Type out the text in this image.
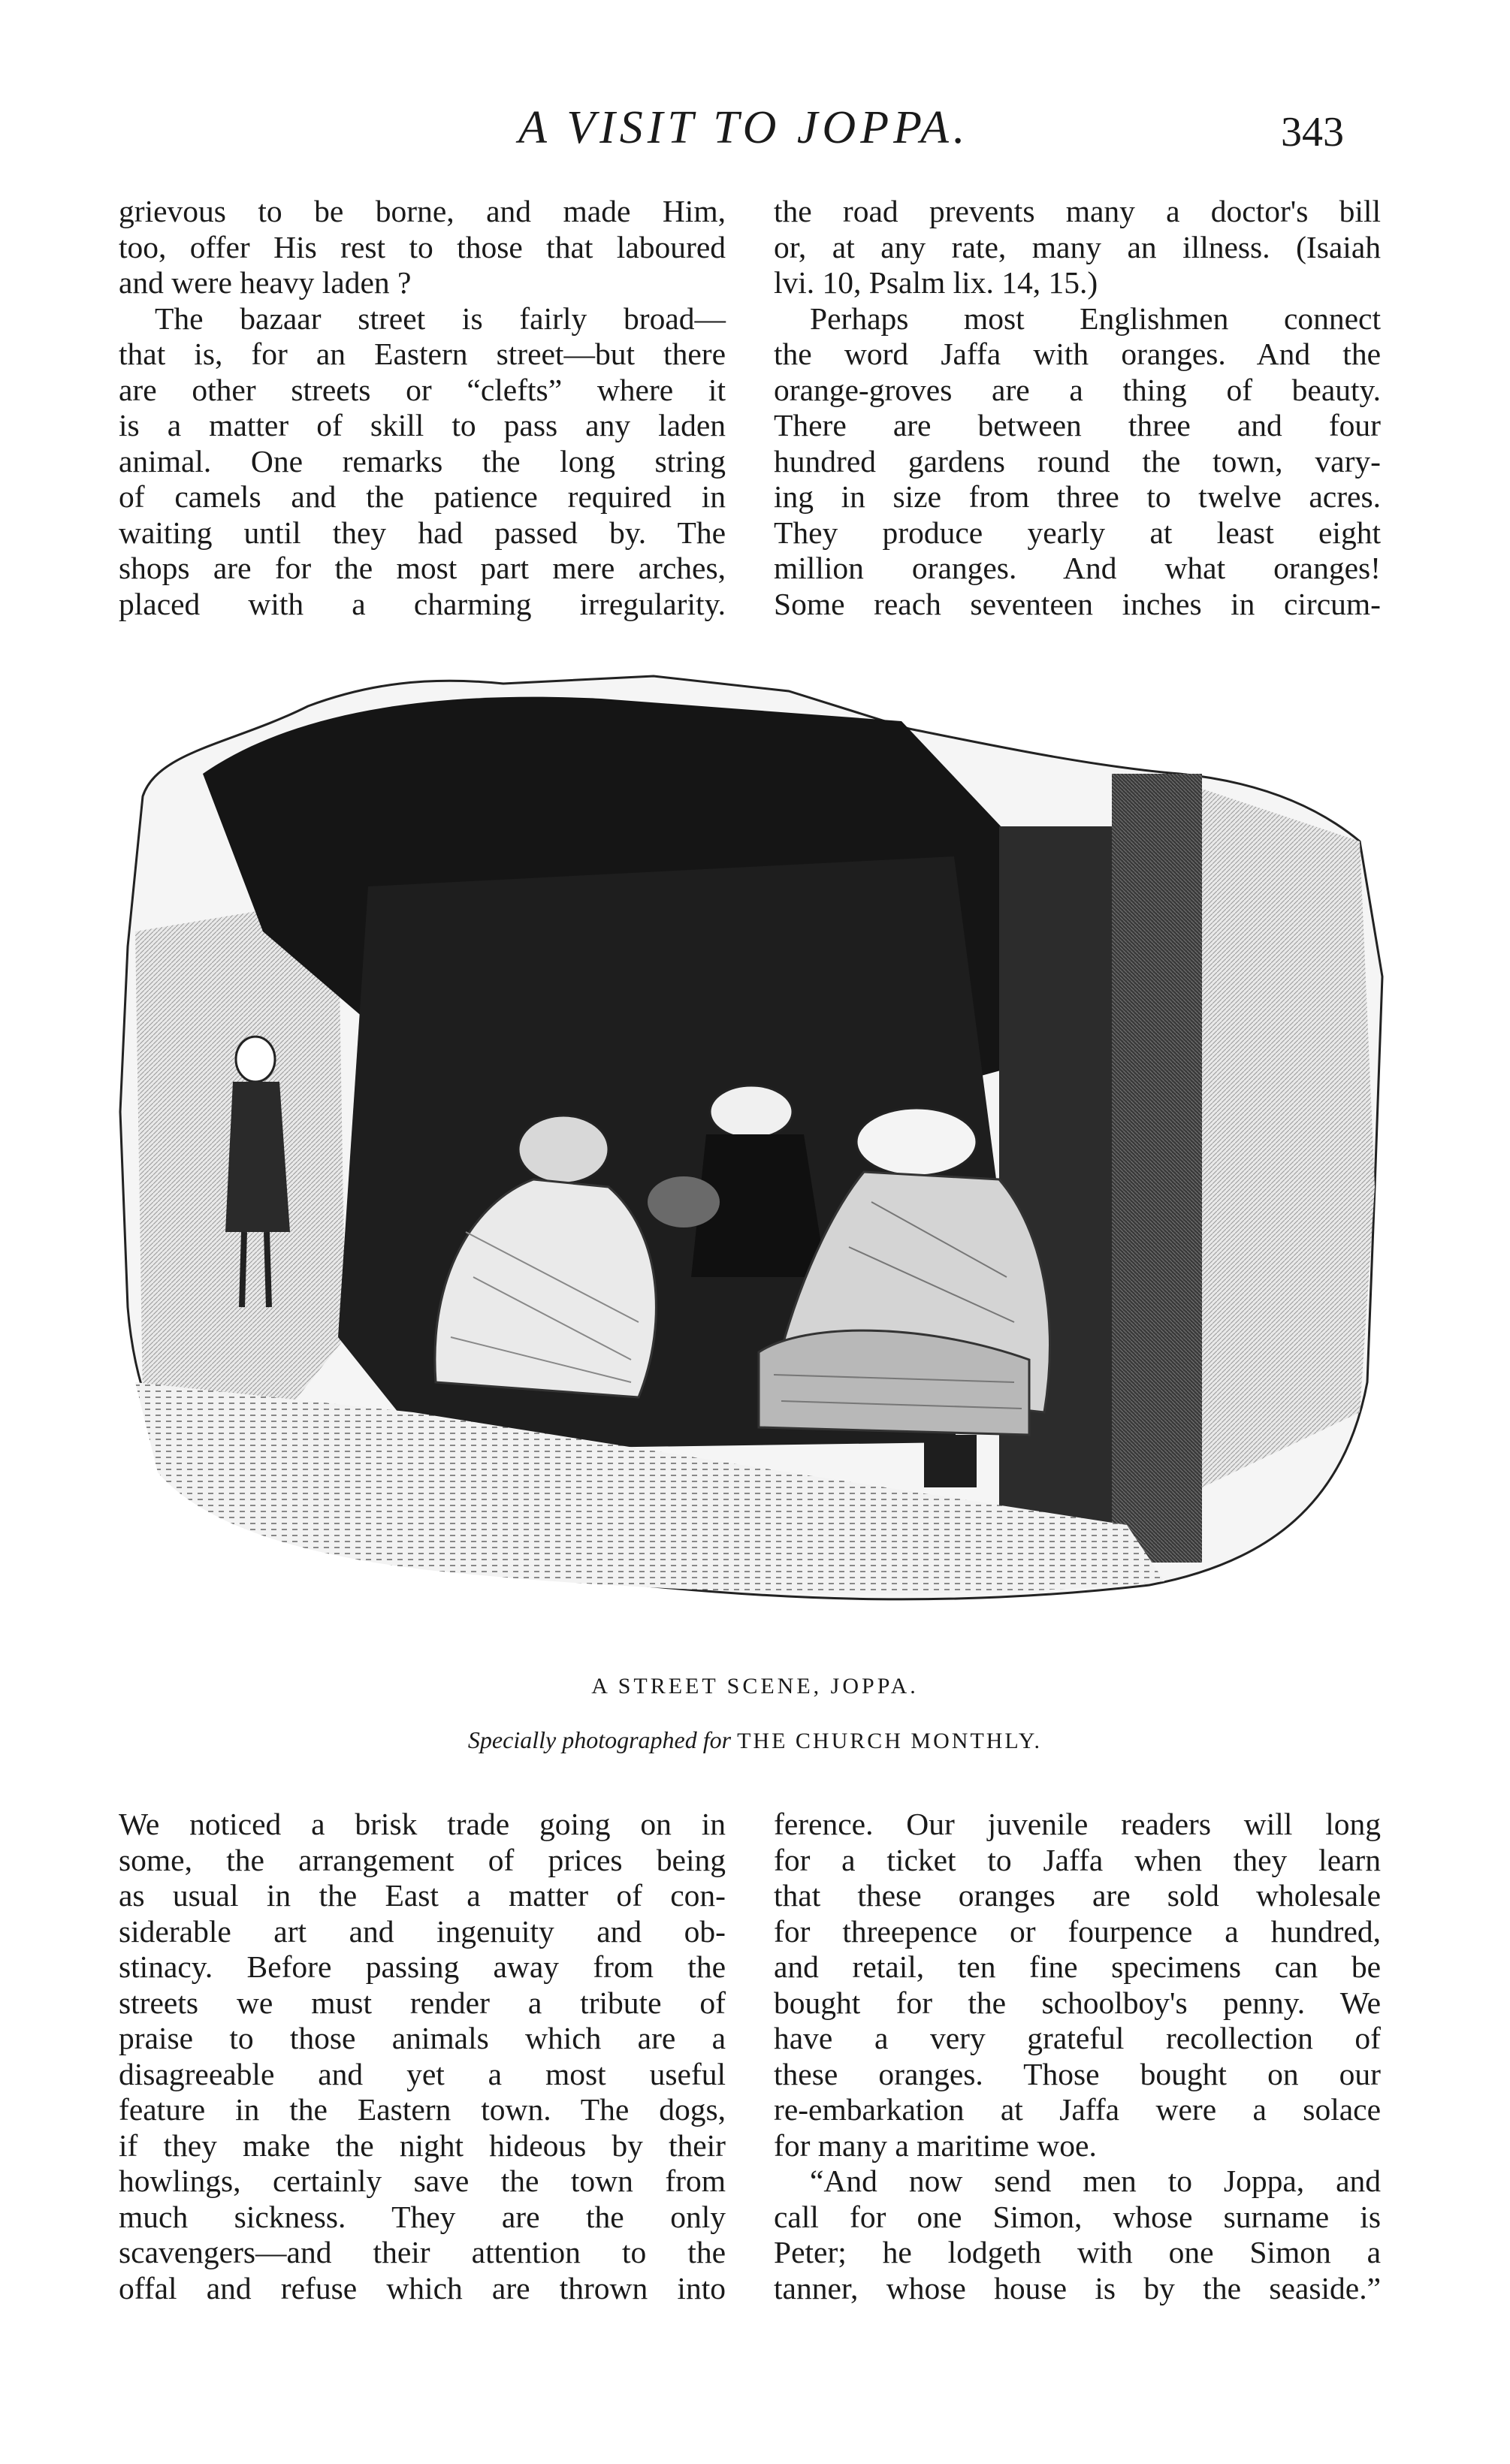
A VISIT TO JOPPA.	343

grievous to be borne, and made Him,
too, offer His rest to those that laboured
and were heavy laden ?

The bazaar street is fairly broad—
that is, for an Eastern street—but there
are other streets or “clefts” where it
is a matter of skill to pass any laden
animal. One remarks the long string
of camels and the patience required in
waiting until they had passed by. The
shops are for the most part mere arches,
placed with a charming irregularity.

the road prevents many a doctor's bill
or, at any rate, many an illness. (Isaiah
lvi. 10, Psalm lix. 14, 15.)

Perhaps most Englishmen connect
the word Jaffa with oranges. And the
orange-groves are a thing of beauty.
There are between three and four
hundred gardens round the town, vary-
ing in size from three to twelve acres.
They produce yearly at least eight
million oranges. And what oranges!
Some reach seventeen inches in circum-

A STREET SCENE, JOPPA.
Specially photographed for THE CHURCH MONTHLY.

We noticed a brisk trade going on in
some, the arrangement of prices being
as usual in the East a matter of con-
siderable art and ingenuity and ob-
stinacy. Before passing away from the
streets we must render a tribute of
praise to those animals which are a
disagreeable and yet a most useful
feature in the Eastern town. The dogs,
if they make the night hideous by their
howlings, certainly save the town from
much sickness. They are the only
scavengers—and their attention to the
offal and refuse which are thrown into

ference. Our juvenile readers will long
for a ticket to Jaffa when they learn
that these oranges are sold wholesale
for threepence or fourpence a hundred,
and retail, ten fine specimens can be
bought for the schoolboy's penny. We
have a very grateful recollection of
these oranges. Those bought on our
re-embarkation at Jaffa were a solace
for many a maritime woe.

“And now send men to Joppa, and
call for one Simon, whose surname is
Peter; he lodgeth with one Simon a
tanner, whose house is by the seaside.”
